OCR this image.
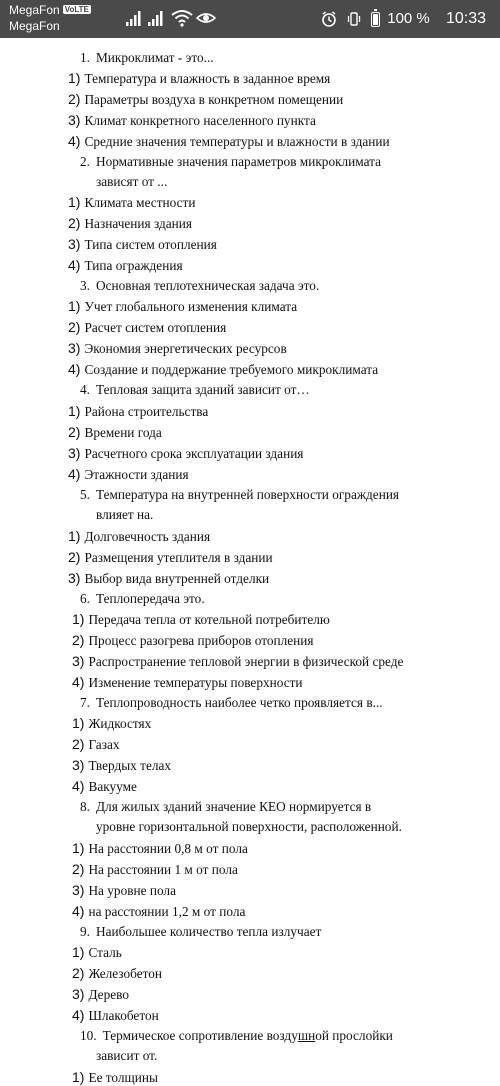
MegaFon VoLTE
MegaFon	100 % 10:33
1. Микроклимат - это...
1) Температура и влажность в заданное время
2) Параметры воздуха в конкретном помещении
3) Климат конкретного населенного пункта
4) Средние значения температуры и влажности в здании
2. Нормативные значения параметров микроклимата
зависят от ...
1) Климата местности
2) Назначения здания
3) Типа систем отопления
4) Типа ограждения
3. Основная теплотехническая задача это.
1) Учет глобального изменения климата
2) Расчет систем отопления
3) Экономия энергетических ресурсов
4) Создание и поддержание требуемого микроклимата
4. Тепловая защита зданий зависит от…
1) Района строительства
2) Времени года
3) Расчетного срока эксплуатации здания
4) Этажности здания
5. Температура на внутренней поверхности ограждения
влияет на.
1) Долговечность здания
2) Размещения утеплителя в здании
3) Выбор вида внутренней отделки
6. Теплопередача это.
1) Передача тепла от котельной потребителю
2) Процесс разогрева приборов отопления
3) Распространение тепловой энергии в физической среде
4) Изменение температуры поверхности
7. Теплопроводность наиболее четко проявляется в...
1) Жидкостях
2) Газах
3) Твердых телах
4) Вакууме
8. Для жилых зданий значение КЕО нормируется в
уровне горизонтальной поверхности, расположенной.
1) На расстоянии 0,8 м от пола
2) На расстоянии 1 м от пола
3) На уровне пола
4) на расстоянии 1,2 м от пола
9. Наибольшее количество тепла излучает
1) Сталь
2) Железобетон
3) Дерево
4) Шлакобетон
10. Термическое сопротивление воздушной прослойки
зависит от.
1) Ее толщины
